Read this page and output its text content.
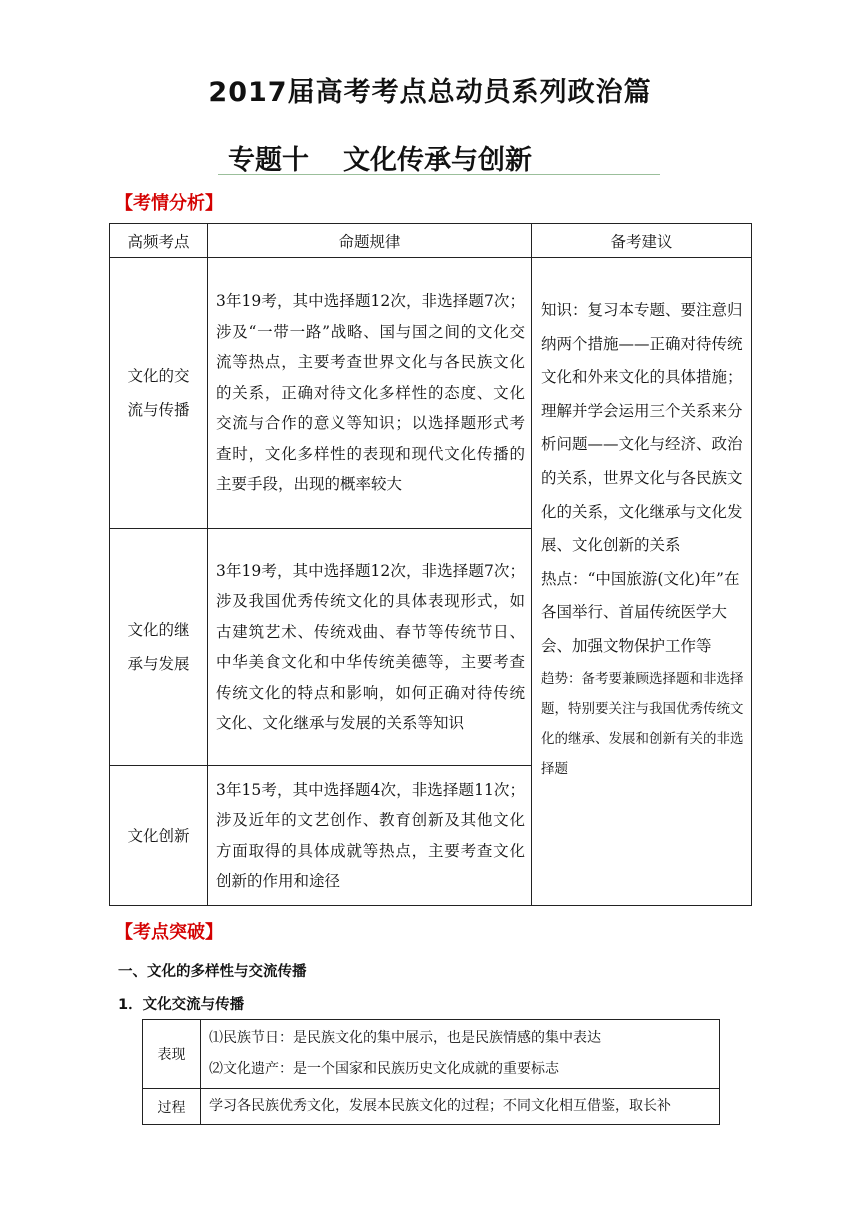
2017届高考考点总动员系列政治篇
专题十 文化传承与创新
【考情分析】
高频考点	命题规律	备考建议
文化的交
流与传播	3年19考，其中选择题12次，非选择题7次；涉及“一带一路”战略、国与国之间的文化交流等热点，主要考查世界文化与各民族文化的关系，正确对待文化多样性的态度、文化交流与合作的意义等知识；以选择题形式考查时，文化多样性的表现和现代文化传播的主要手段，出现的概率较大	知识：复习本专题、要注意归纳两个措施——正确对待传统文化和外来文化的具体措施；理解并学会运用三个关系来分析问题——文化与经济、政治的关系，世界文化与各民族文化的关系，文化继承与文化发展、文化创新的关系
热点：“中国旅游(文化)年”在各国举行、首届传统医学大会、加强文物保护工作等
趋势：备考要兼顾选择题和非选择题，特别要关注与我国优秀传统文化的继承、发展和创新有关的非选择题

文化的继
承与发展	3年19考，其中选择题12次，非选择题7次；涉及我国优秀传统文化的具体表现形式，如古建筑艺术、传统戏曲、春节等传统节日、中华美食文化和中华传统美德等，主要考查传统文化的特点和影响，如何正确对待传统文化、文化继承与发展的关系等知识	
文化创新	3年15考，其中选择题4次，非选择题11次；涉及近年的文艺创作、教育创新及其他文化方面取得的具体成就等热点，主要考查文化创新的作用和途径	
【考点突破】
一、文化的多样性与交流传播
1．文化交流与传播
表现	⑴民族节日：是民族文化的集中展示，也是民族情感的集中表达
⑵文化遗产：是一个国家和民族历史文化成就的重要标志

过程	学习各民族优秀文化，发展本民族文化的过程；不同文化相互借鉴，取长补
